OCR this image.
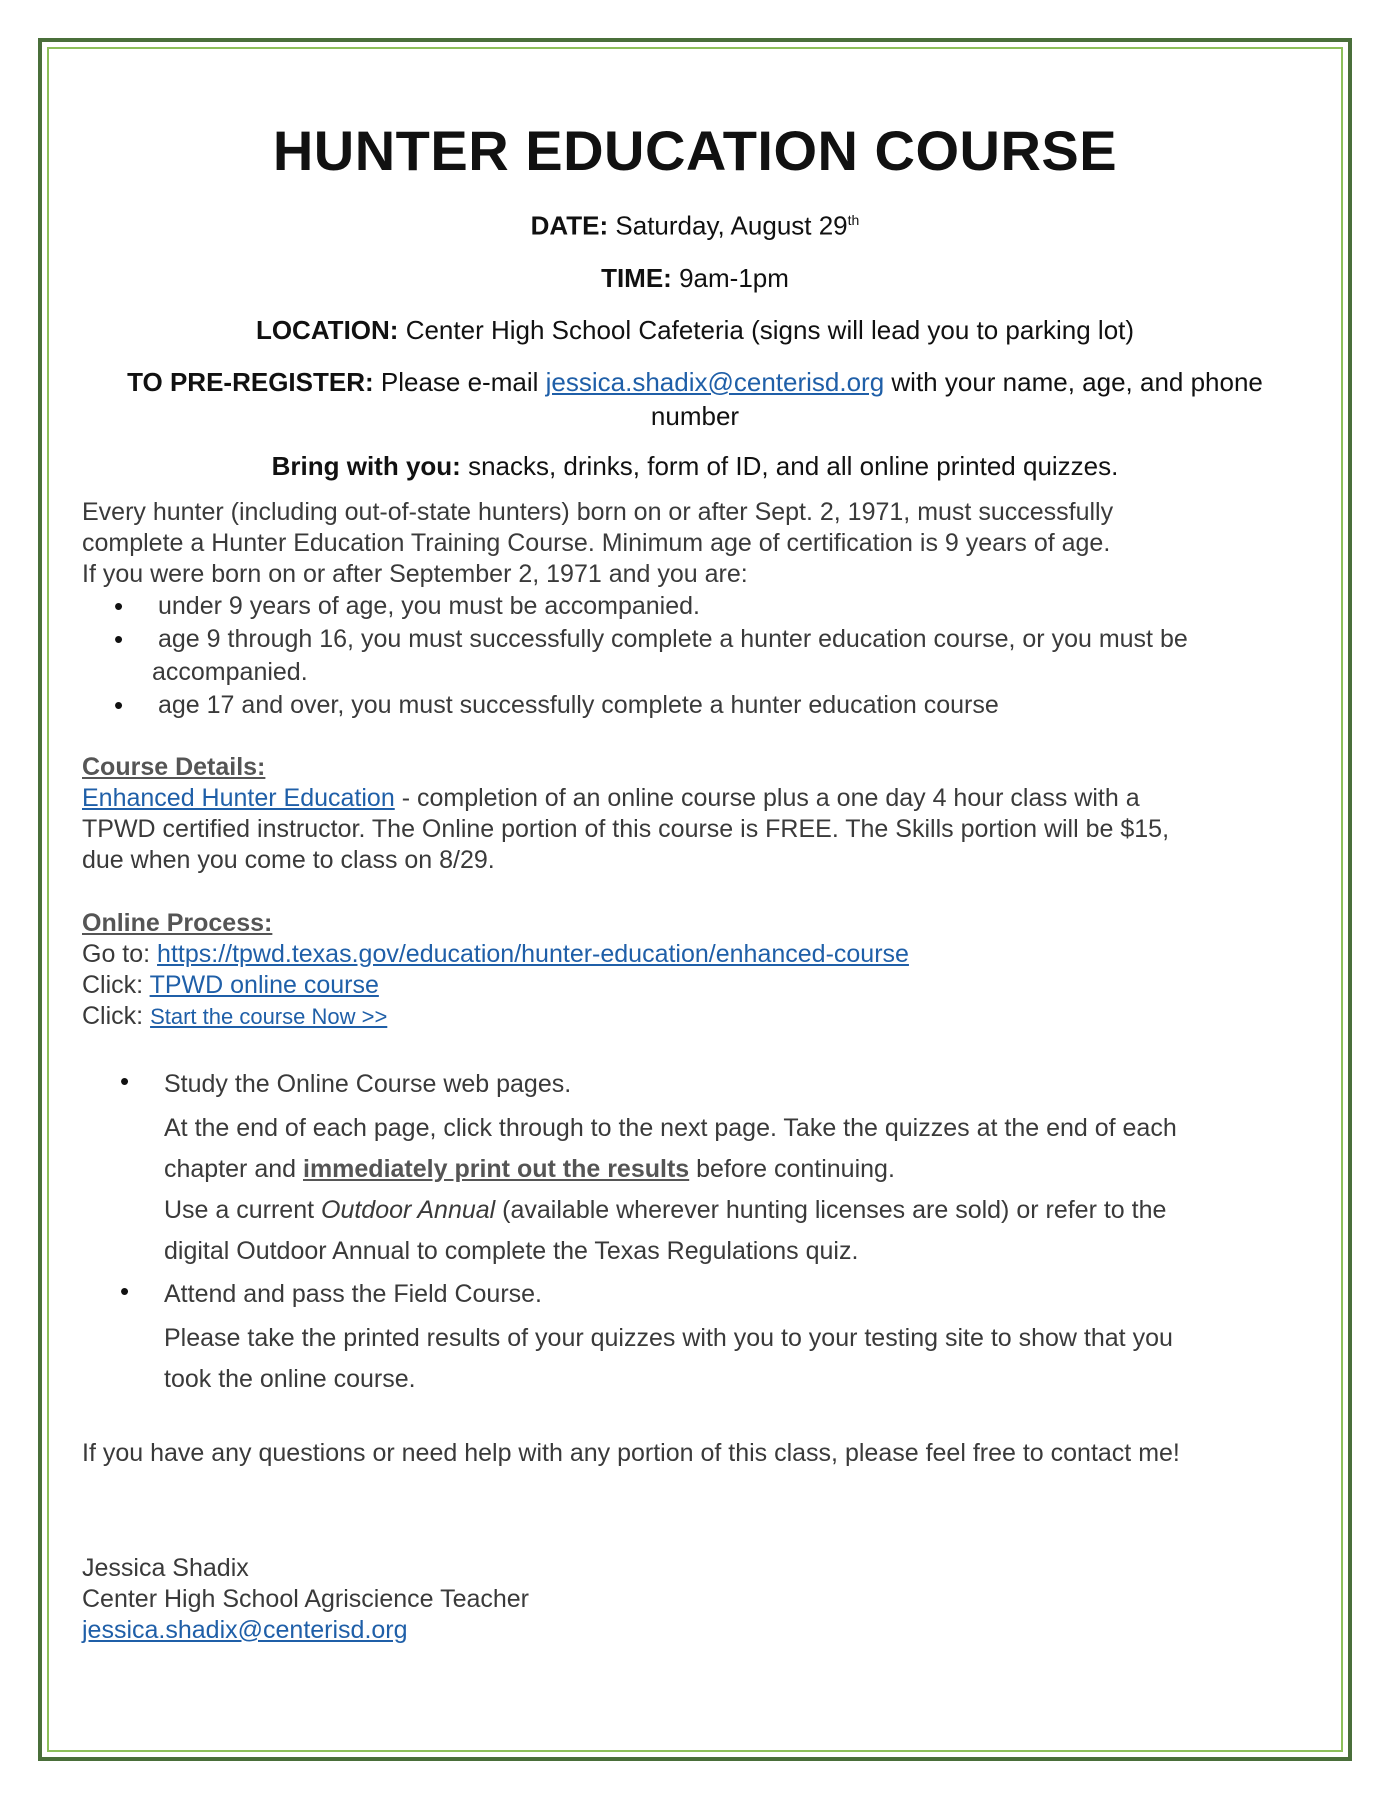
HUNTER EDUCATION COURSE

DATE: Saturday, August 29th

TIME: 9am-1pm

LOCATION: Center High School Cafeteria (signs will lead you to parking lot)

TO PRE-REGISTER: Please e-mail jessica.shadix@centerisd.org with your name, age, and phone
number

Bring with you: snacks, drinks, form of ID, and all online printed quizzes.

Every hunter (including out-of-state hunters) born on or after Sept. 2, 1971, must successfully
complete a Hunter Education Training Course. Minimum age of certification is 9 years of age.
If you were born on or after September 2, 1971 and you are:

• under 9 years of age, you must be accompanied.
• age 9 through 16, you must successfully complete a hunter education course, or you must be
accompanied.
• age 17 and over, you must successfully complete a hunter education course

Course Details:

Enhanced Hunter Education - completion of an online course plus a one day 4 hour class with a
TPWD certified instructor. The Online portion of this course is FREE. The Skills portion will be $15,
due when you come to class on 8/29.

Online Process:

Go to: https://tpwd.texas.gov/education/hunter-education/enhanced-course
Click: TPWD online course
Click: Start the course Now >>

• Study the Online Course web pages.
At the end of each page, click through to the next page. Take the quizzes at the end of each
chapter and immediately print out the results before continuing.
Use a current Outdoor Annual (available wherever hunting licenses are sold) or refer to the
digital Outdoor Annual to complete the Texas Regulations quiz.
• Attend and pass the Field Course.
Please take the printed results of your quizzes with you to your testing site to show that you
took the online course.

If you have any questions or need help with any portion of this class, please feel free to contact me!

Jessica Shadix
Center High School Agriscience Teacher
jessica.shadix@centerisd.org
